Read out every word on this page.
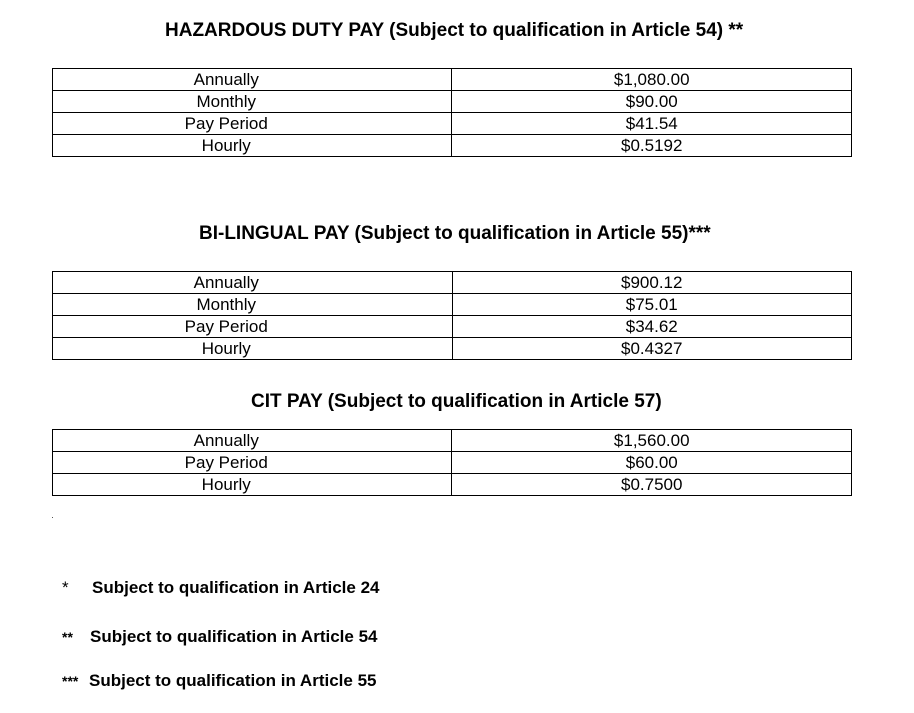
HAZARDOUS DUTY PAY (Subject to qualification in Article 54) **
Annually	$1,080.00
Monthly	$90.00
Pay Period	$41.54
Hourly	$0.5192
BI-LINGUAL PAY (Subject to qualification in Article 55)***
Annually	$900.12
Monthly	$75.01
Pay Period	$34.62
Hourly	$0.4327
CIT PAY (Subject to qualification in Article 57)
Annually	$1,560.00
Pay Period	$60.00
Hourly	$0.7500
* Subject to qualification in Article 24
** Subject to qualification in Article 54
*** Subject to qualification in Article 55
